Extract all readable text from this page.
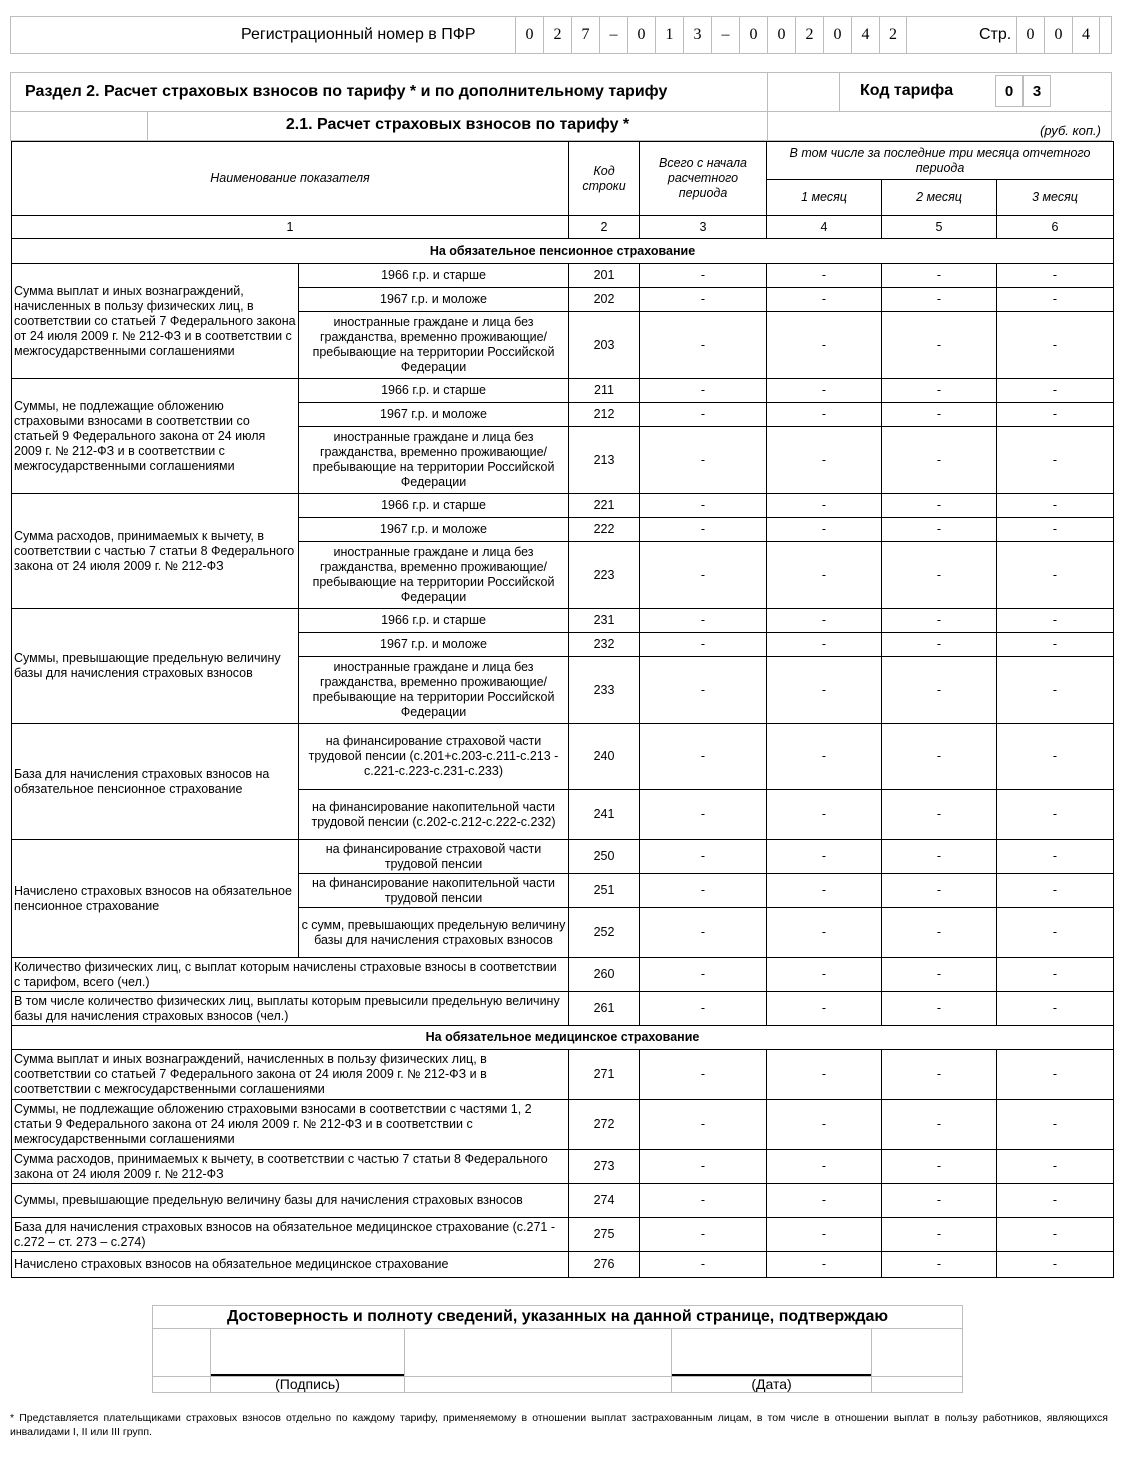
Регистрационный номер в ПФР	0	2	7	–	0	1	3	–	0	0	2	0	4	2	Стр. 0	0	4
Раздел 2. Расчет страховых взносов по тарифу * и по дополнительному тарифу	Код тарифа	0	3
2.1. Расчет страховых взносов по тарифу *	(руб. коп.)
Наименование показателя		Код строки	Всего с начала расчетного периода	В том числе за последние три месяца отчетного периода		
				1 месяц	2 месяц	3 месяц
1		2	3	4	5	6
На обязательное пенсионное страхование						
Сумма выплат и иных вознаграждений, начисленных в пользу физических лиц, в соответствии со статьей 7 Федерального закона от 24 июля 2009 г. № 212-ФЗ и в соответствии с межгосударственными соглашениями	1966 г.р. и старше	201	-	-	-	-
	1967 г.р. и моложе	202	-	-	-	-
	иностранные граждане и лица без гражданства, временно проживающие/пребывающие на территории Российской Федерации	203	-	-	-	-
Суммы, не подлежащие обложению страховыми взносами в соответствии со статьей 9 Федерального закона от 24 июля 2009 г. № 212-ФЗ и в соответствии с межгосударственными соглашениями	1966 г.р. и старше	211	-	-	-	-
	1967 г.р. и моложе	212	-	-	-	-
	иностранные граждане и лица без гражданства, временно проживающие/пребывающие на территории Российской Федерации	213	-	-	-	-
Сумма расходов, принимаемых к вычету, в соответствии с частью 7 статьи 8 Федерального закона от 24 июля 2009 г. № 212-ФЗ	1966 г.р. и старше	221	-	-	-	-
	1967 г.р. и моложе	222	-	-	-	-
	иностранные граждане и лица без гражданства, временно проживающие/пребывающие на территории Российской Федерации	223	-	-	-	-
Суммы, превышающие предельную величину базы для начисления страховых взносов	1966 г.р. и старше	231	-	-	-	-
	1967 г.р. и моложе	232	-	-	-	-
	иностранные граждане и лица без гражданства, временно проживающие/пребывающие на территории Российской Федерации	233	-	-	-	-
База для начисления страховых взносов на обязательное пенсионное страхование	на финансирование страховой части трудовой пенсии (с.201+с.203-с.211-с.213 - с.221-с.223-с.231-с.233)	240	-	-	-	-
	на финансирование накопительной части трудовой пенсии (с.202-с.212-с.222-с.232)	241	-	-	-	-
Начислено страховых взносов на обязательное пенсионное страхование	на финансирование страховой части трудовой пенсии	250	-	-	-	-
	на финансирование накопительной части трудовой пенсии	251	-	-	-	-
	с сумм, превышающих предельную величину базы для начисления страховых взносов	252	-	-	-	-
Количество физических лиц, с выплат которым начислены страховые взносы в соответствии с тарифом, всего (чел.)		260	-	-	-	-
В том числе количество физических лиц, выплаты которым превысили предельную величину базы для начисления страховых взносов (чел.)		261	-	-	-	-
На обязательное медицинское страхование						
Сумма выплат и иных вознаграждений, начисленных в пользу физических лиц, в соответствии со статьей 7 Федерального закона от 24 июля 2009 г. № 212-ФЗ и в соответствии с межгосударственными соглашениями		271	-	-	-	-
Суммы, не подлежащие обложению страховыми взносами в соответствии с частями 1, 2 статьи 9 Федерального закона от 24 июля 2009 г. № 212-ФЗ и в соответствии с межгосударственными соглашениями		272	-	-	-	-
Сумма расходов, принимаемых к вычету, в соответствии с частью 7 статьи 8 Федерального закона от 24 июля 2009 г. № 212-ФЗ		273	-	-	-	-
Суммы, превышающие предельную величину базы для начисления страховых взносов		274	-	-	-	-
База для начисления страховых взносов на обязательное медицинское страхование (с.271 - с.272 – ст. 273 – с.274)		275	-	-	-	-
Начислено страховых взносов на обязательное медицинское страхование		276	-	-	-	-
Достоверность и полноту сведений, указанных на данной странице, подтверждаю
(Подпись)	(Дата)
* Представляется плательщиками страховых взносов отдельно по каждому тарифу, применяемому в отношении выплат застрахованным лицам, в том числе в отношении выплат в пользу работников, являющихся инвалидами I, II или III групп.
